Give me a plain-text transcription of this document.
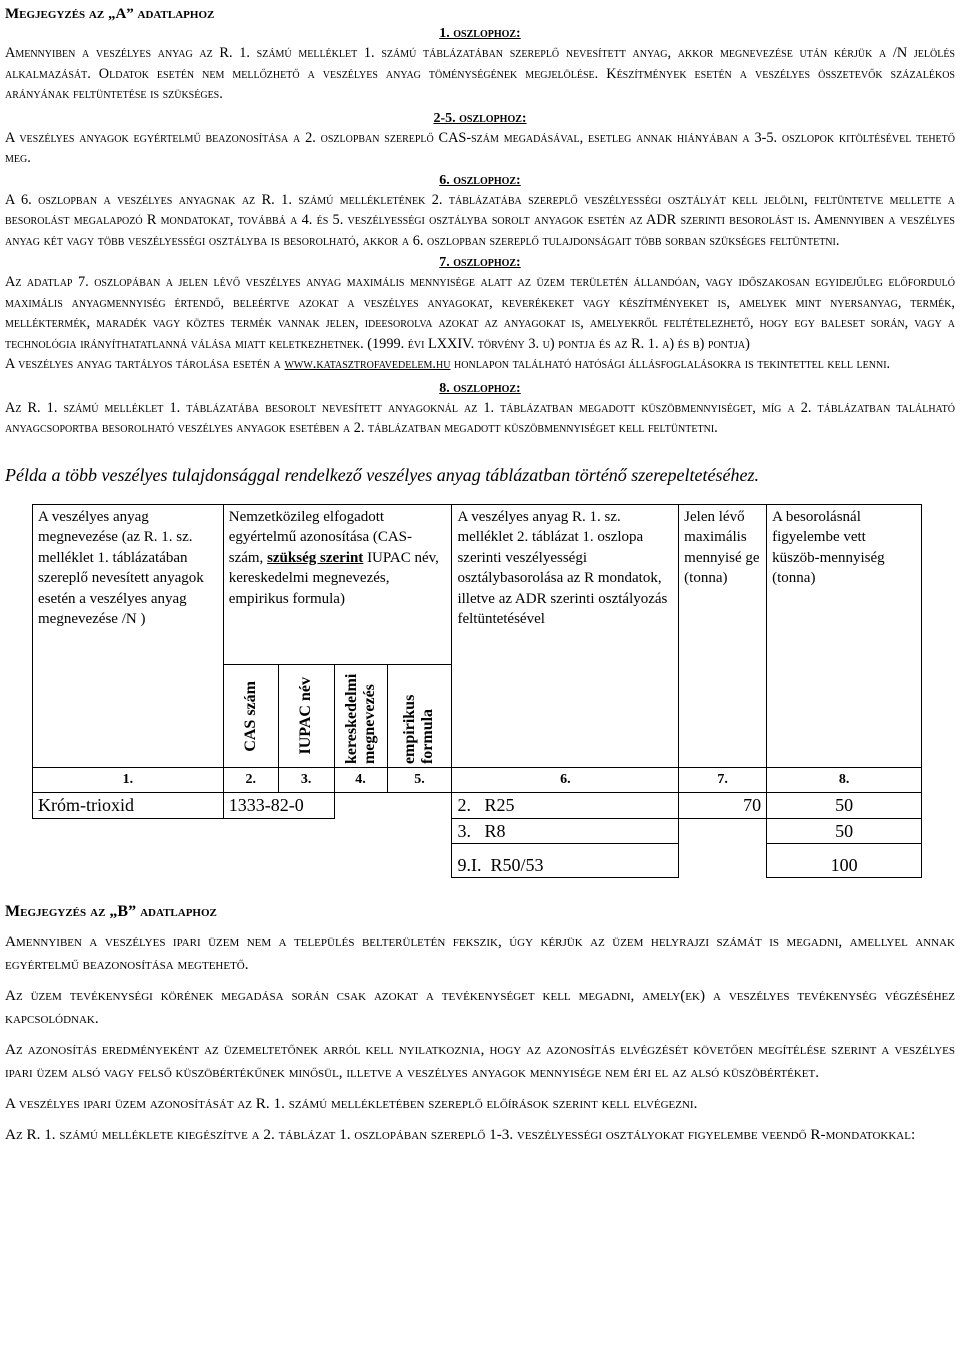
Megjegyzés az „A” adatlaphoz
1. oszlophoz:

Amennyiben a veszélyes anyag az R. 1. számú melléklet 1. számú táblázatában szereplő nevesített anyag, akkor megnevezése után kérjük a /N jelölés alkalmazását. Oldatok esetén nem mellőzhető a veszélyes anyag töménységének megjelölése. Készítmények esetén a veszélyes összetevők százalékos arányának feltüntetése is szükséges.

2-5. oszlophoz:

A veszélyes anyagok egyértelmű beazonosítása a 2. oszlopban szereplő CAS-szám megadásával, esetleg annak hiányában a 3-5. oszlopok kitöltésével tehető meg.

6. oszlophoz:

A 6. oszlopban a veszélyes anyagnak az R. 1. számú mellékletének 2. táblázatába szereplő veszélyességi osztályát kell jelölni, feltüntetve mellette a besorolást megalapozó R mondatokat, továbbá a 4. és 5. veszélyességi osztályba sorolt anyagok esetén az ADR szerinti besorolást is. Amennyiben a veszélyes anyag két vagy több veszélyességi osztályba is besorolható, akkor a 6. oszlopban szereplő tulajdonságait több sorban szükséges feltüntetni.

7. oszlophoz:

Az adatlap 7. oszlopában a jelen lévő veszélyes anyag maximális mennyisége alatt az üzem területén állandóan, vagy időszakosan egyidejűleg előforduló maximális anyagmennyiség értendő, beleértve azokat a veszélyes anyagokat, keverékeket vagy készítményeket is, amelyek mint nyersanyag, termék, melléktermék, maradék vagy köztes termék vannak jelen, ideesorolva azokat az anyagokat is, amelyekről feltételezhető, hogy egy baleset során, vagy a technológia irányíthatatlanná válása miatt keletkezhetnek. (1999. évi LXXIV. törvény 3. u) pontja és az R. 1. a) és b) pontja)

A veszélyes anyag tartályos tárolása esetén a www.katasztrofavedelem.hu honlapon található hatósági állásfoglalásokra is tekintettel kell lenni.

8. oszlophoz:

Az R. 1. számú melléklet 1. táblázatába besorolt nevesített anyagoknál az 1. táblázatban megadott küszöbmennyiséget, míg a 2. táblázatban található anyagcsoportba besorolható veszélyes anyagok esetében a 2. táblázatban megadott küszöbmennyiséget kell feltüntetni.

Példa a több veszélyes tulajdonsággal rendelkező veszélyes anyag táblázatban történő szerepeltetéséhez.
A veszélyes anyag megnevezése (az R. 1. sz. melléklet 1. táblázatában szereplő nevesített anyagok esetén a veszélyes anyag megnevezése /N )	Nemzetközileg elfogadott egyértelmű azonosítása (CAS-szám, szükség szerint IUPAC név, kereskedelmi megnevezés, empirikus formula)				A veszélyes anyag R. 1. sz. melléklet 2. táblázat 1. oszlopa szerinti veszélyességi osztálybasorolása az R mondatok, illetve az ADR szerinti osztályozás feltüntetésével	Jelen lévő maximális mennyisé ge (tonna)	A besorolásnál figyelembe vett küszöb-mennyiség (tonna)

	CAS szám	IUPAC név	kereskedelmi megnevezés	empirikus formula			

1.	2.	3.	4.	5.	6.	7.	8.
Króm-trioxid	1333-82-0				2. R25	70	50
					3. R8		50
					9.I. R50/53		100
Megjegyzés az „B” adatlaphoz

Amennyiben a veszélyes ipari üzem nem a település belterületén fekszik, úgy kérjük az üzem helyrajzi számát is megadni, amellyel annak egyértelmű beazonosítása megtehető.

Az üzem tevékenységi körének megadása során csak azokat a tevékenységet kell megadni, amely(ek) a veszélyes tevékenység végzéséhez kapcsolódnak.

Az azonosítás eredményeként az üzemeltetőnek arról kell nyilatkoznia, hogy az azonosítás elvégzését követően megítélése szerint a veszélyes ipari üzem alsó vagy felső küszöbértékűnek minősül, illetve a veszélyes anyagok mennyisége nem éri el az alsó küszöbértéket.

A veszélyes ipari üzem azonosítását az R. 1. számú mellékletében szereplő előírások szerint kell elvégezni.

Az R. 1. számú melléklete kiegészítve a 2. táblázat 1. oszlopában szereplő 1-3. veszélyességi osztályokat figyelembe veendő R-mondatokkal:
